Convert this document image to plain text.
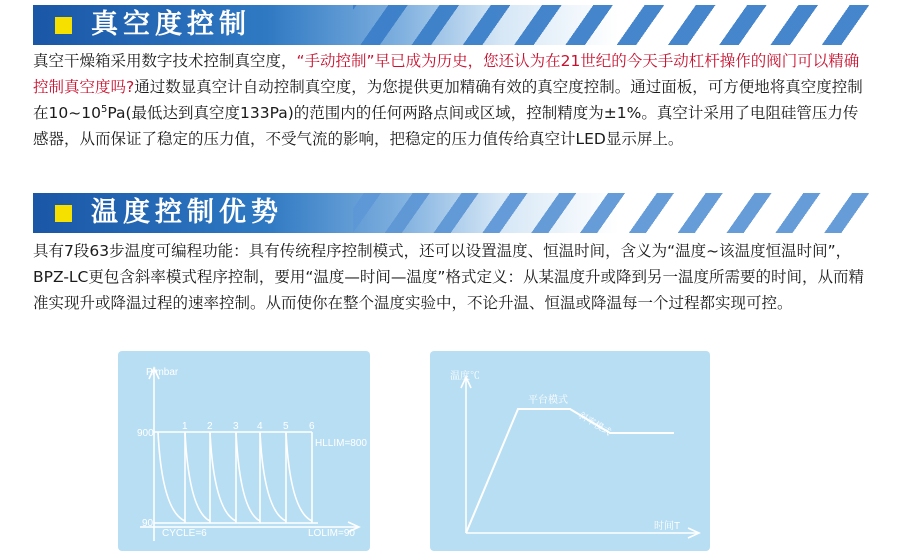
真空度控制

真空干燥箱采用数字技术控制真空度，“手动控制”早已成为历史，您还认为在21世纪的今天手动杠杆操作的阀门可以精确控制真空度吗?通过数显真空计自动控制真空度，为您提供更加精确有效的真空度控制。通过面板，可方便地将真空度控制在$10\sim 10^5Pa$(最低达到真空度133Pa)的范围内的任何两路点间或区域，控制精度为±1%。真空计采用了电阻硅管压力传感器，从而保证了稳定的压力值，不受气流的影响，把稳定的压力值传给真空计LED显示屏上。

温度控制优势

具有7段63步温度可编程功能：具有传统程序控制模式，还可以设置温度、恒温时间，含义为“温度~该温度恒温时间”，BPZ-LC更包含斜率模式程序控制，要用“温度—时间—温度”格式定义：从某温度升或降到另一温度所需要的时间，从而精准实现升或降温过程的速率控制。从而使你在整个温度实验中，不论升温、恒温或降温每一个过程都实现可控。

P/mbar
900
90
1 2 3 4 5 6
HLLIM=800
CYCLE=6	LOLIM=90
温度℃
平台模式
斜率模式
时间T
